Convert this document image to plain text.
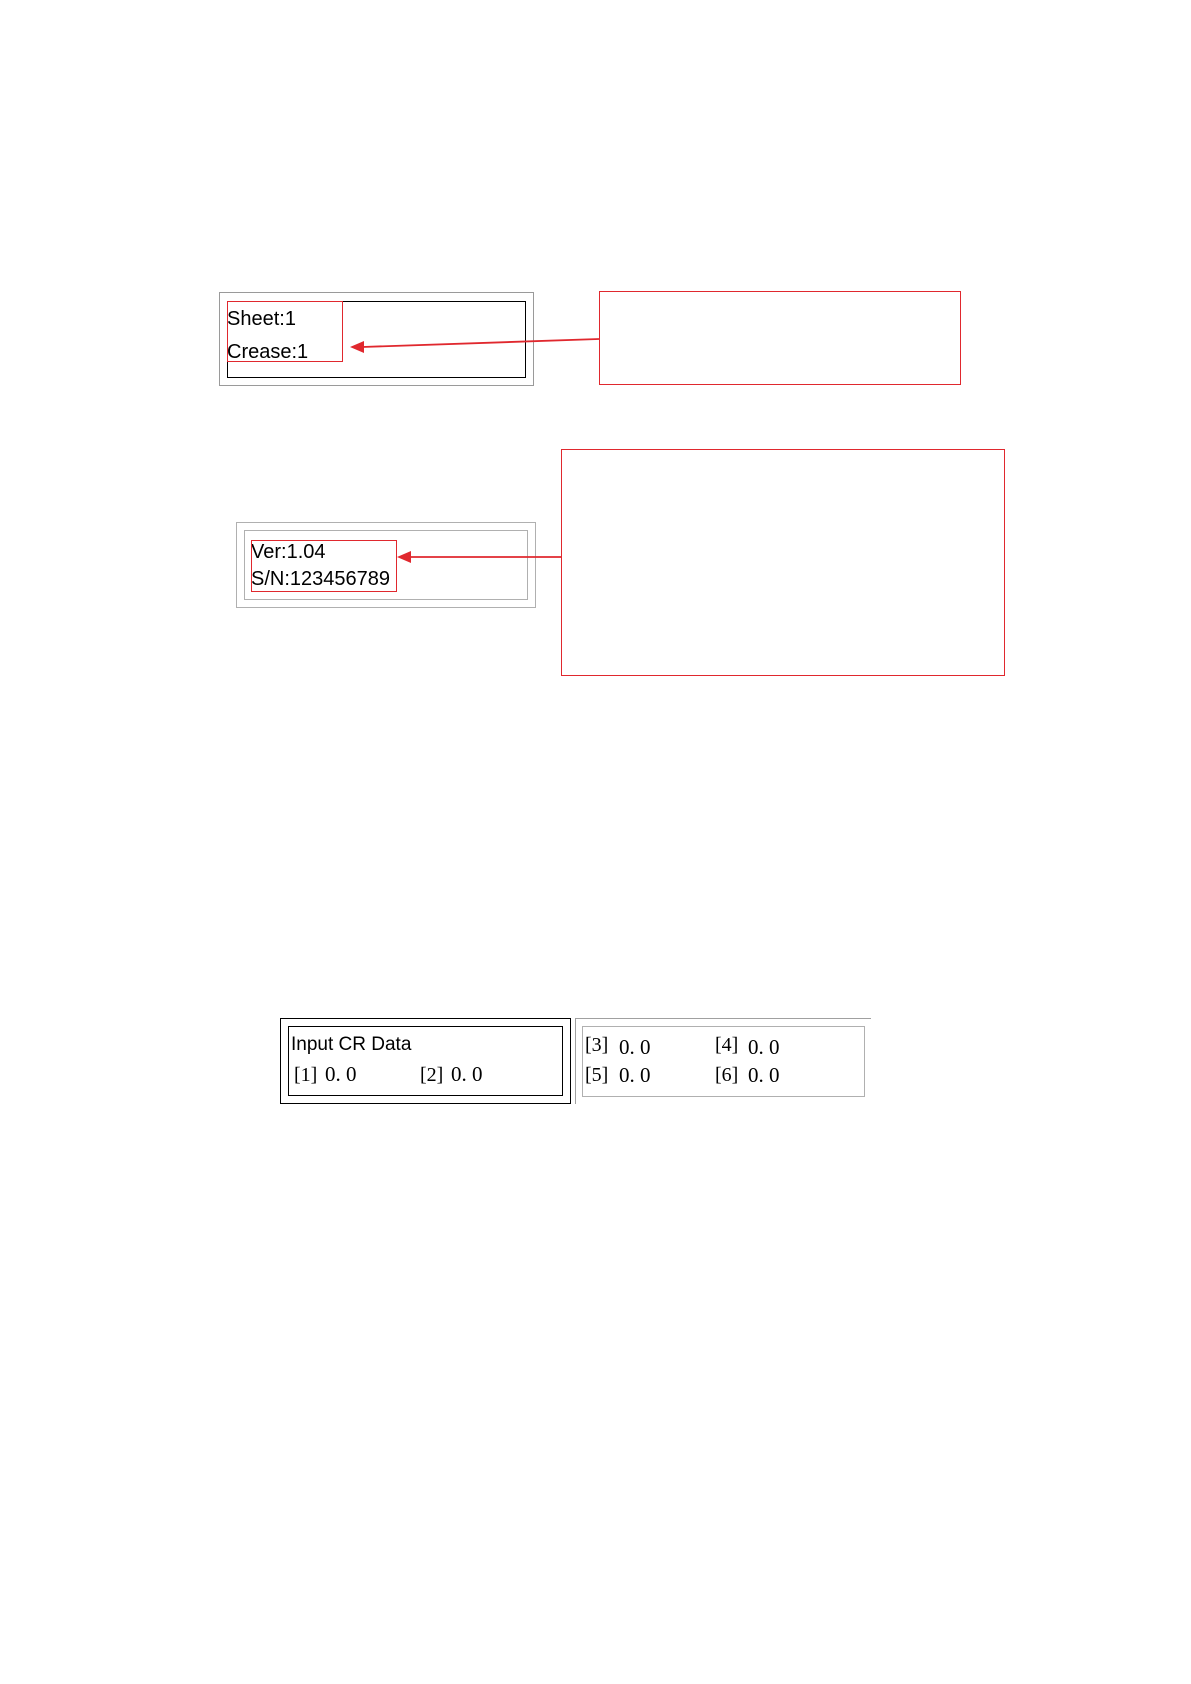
Sheet:1
Crease:1
Ver:1.04
S/N:123456789
Input CR Data
[1] 0. 0	[2] 0. 0
[3] 0. 0	[4] 0. 0
[5] 0. 0	[6] 0. 0
